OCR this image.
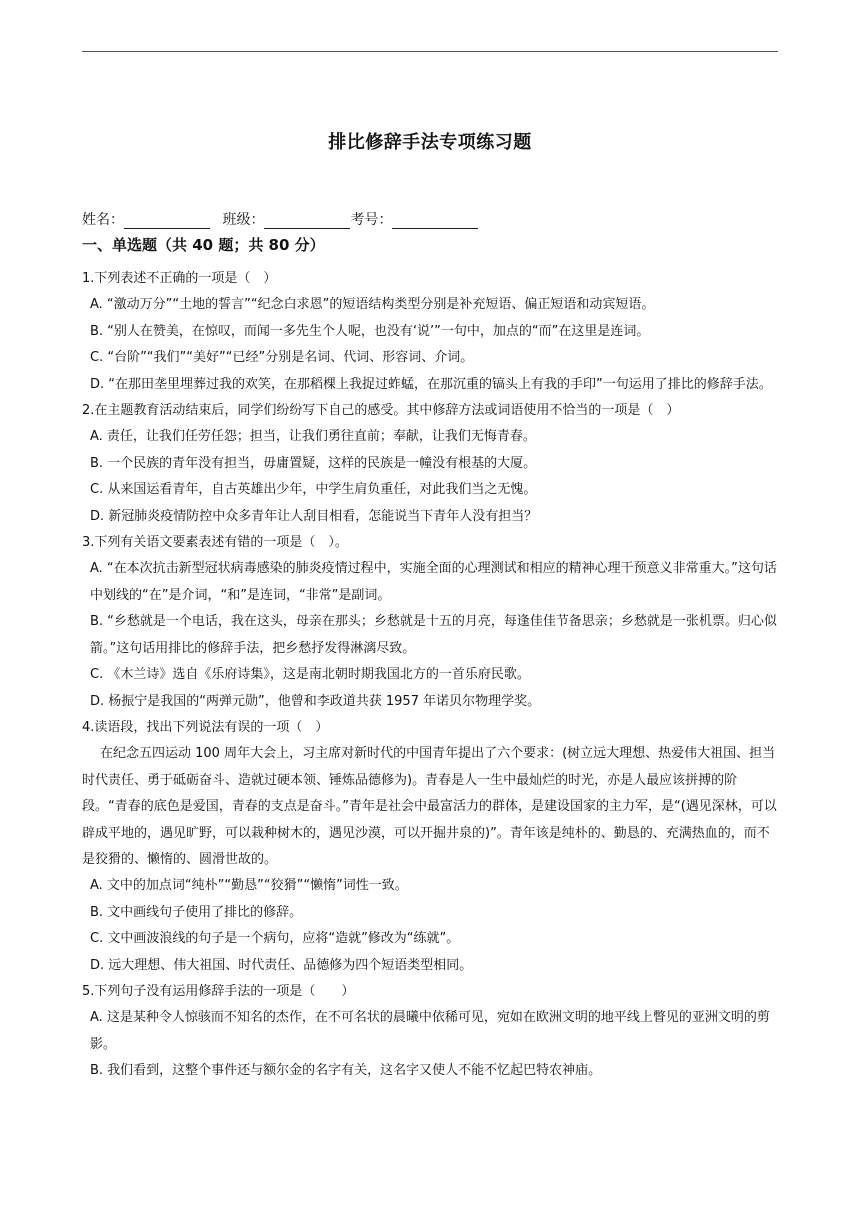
排比修辞手法专项练习题
姓名：	班级：	考号：
一、单选题（共 40 题；共 80 分）

1.下列表述不正确的一项是（　）

A. “激动万分”“土地的誓言”“纪念白求恩”的短语结构类型分别是补充短语、偏正短语和动宾短语。

B. “别人在赞美，在惊叹，而闻一多先生个人呢，也没有‘说’”一句中，加点的“而”在这里是连词。

C. “台阶”“我们”“美好”“已经”分别是名词、代词、形容词、介词。

D. “在那田垄里埋葬过我的欢笑，在那稻棵上我捉过蚱蜢，在那沉重的镐头上有我的手印”一句运用了排比的修辞手法。

2.在主题教育活动结束后，同学们纷纷写下自己的感受。其中修辞方法或词语使用不恰当的一项是（　）

A. 责任，让我们任劳任怨；担当，让我们勇往直前；奉献，让我们无悔青春。

B. 一个民族的青年没有担当，毋庸置疑，这样的民族是一幢没有根基的大厦。

C. 从来国运看青年，自古英雄出少年，中学生肩负重任，对此我们当之无愧。

D. 新冠肺炎疫情防控中众多青年让人刮目相看，怎能说当下青年人没有担当？

3.下列有关语文要素表述有错的一项是（　）。

A. “在本次抗击新型冠状病毒感染的肺炎疫情过程中，实施全面的心理测试和相应的精神心理干预意义非常重大。”这句话中划线的“在”是介词，“和”是连词，“非常”是副词。

B. “乡愁就是一个电话，我在这头，母亲在那头；乡愁就是十五的月亮，每逢佳佳节备思亲；乡愁就是一张机票。归心似箭。”这句话用排比的修辞手法，把乡愁抒发得淋漓尽致。

C. 《木兰诗》选自《乐府诗集》，这是南北朝时期我国北方的一首乐府民歌。

D. 杨振宁是我国的“两弹元勋”，他曾和李政道共获 1957 年诺贝尔物理学奖。

4.读语段，找出下列说法有误的一项（　）

在纪念五四运动 100 周年大会上，习主席对新时代的中国青年提出了六个要求：(树立远大理想、热爱伟大祖国、担当时代责任、勇于砥砺奋斗、造就过硬本领、锤炼品德修为)。青春是人一生中最灿烂的时光，亦是人最应该拼搏的阶段。“青春的底色是爱国，青春的支点是奋斗。”青年是社会中最富活力的群体，是建设国家的主力军，是“(遇见深林，可以辟成平地的，遇见旷野，可以栽种树木的，遇见沙漠，可以开掘井泉的)”。青年该是纯朴的、勤恳的、充满热血的，而不是狡猾的、懒惰的、圆滑世故的。

A. 文中的加点词“纯朴”“勤恳”“狡猾”“懒惰”词性一致。

B. 文中画线句子使用了排比的修辞。

C. 文中画波浪线的句子是一个病句，应将“造就”修改为“练就”。

D. 远大理想、伟大祖国、时代责任、品德修为四个短语类型相同。

5.下列句子没有运用修辞手法的一项是（　　）

A. 这是某种令人惊骇而不知名的杰作，在不可名状的晨曦中依稀可见，宛如在欧洲文明的地平线上瞥见的亚洲文明的剪影。

B. 我们看到，这整个事件还与额尔金的名字有关，这名字又使人不能不忆起巴特农神庙。
